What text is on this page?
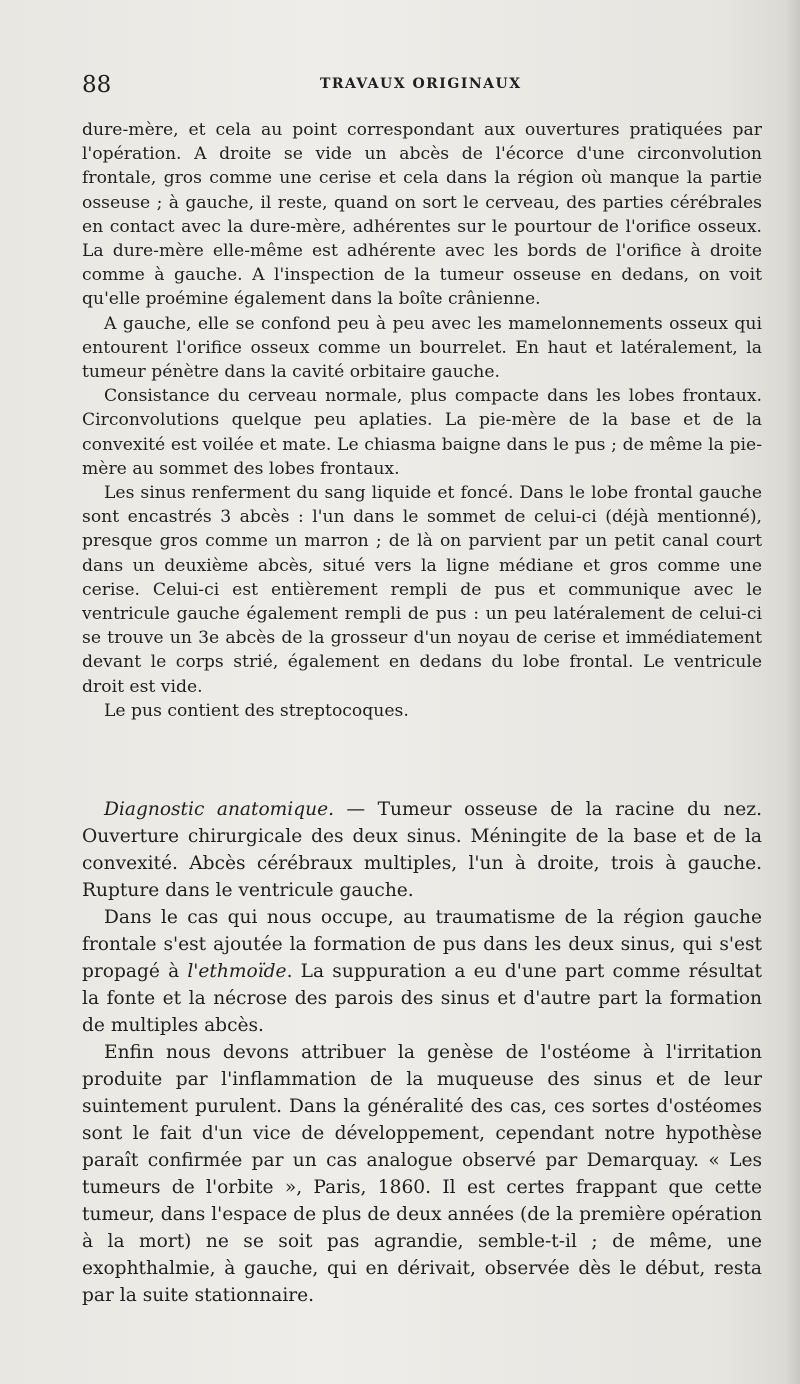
88	TRAVAUX ORIGINAUX

dure-mère, et cela au point correspondant aux ouvertures pratiquées par l'opération. A droite se vide un abcès de l'écorce d'une circonvolution frontale, gros comme une cerise et cela dans la région où manque la partie osseuse ; à gauche, il reste, quand on sort le cerveau, des parties cérébrales en contact avec la dure-mère, adhérentes sur le pourtour de l'orifice osseux. La dure-mère elle-même est adhérente avec les bords de l'orifice à droite comme à gauche. A l'inspection de la tumeur osseuse en dedans, on voit qu'elle proémine également dans la boîte crânienne.

A gauche, elle se confond peu à peu avec les mamelonnements osseux qui entourent l'orifice osseux comme un bourrelet. En haut et latéralement, la tumeur pénètre dans la cavité orbitaire gauche.

Consistance du cerveau normale, plus compacte dans les lobes frontaux. Circonvolutions quelque peu aplaties. La pie-mère de la base et de la convexité est voilée et mate. Le chiasma baigne dans le pus ; de même la pie-mère au sommet des lobes frontaux.

Les sinus renferment du sang liquide et foncé. Dans le lobe frontal gauche sont encastrés 3 abcès : l'un dans le sommet de celui-ci (déjà mentionné), presque gros comme un marron ; de là on parvient par un petit canal court dans un deuxième abcès, situé vers la ligne médiane et gros comme une cerise. Celui-ci est entièrement rempli de pus et communique avec le ventricule gauche également rempli de pus : un peu latéralement de celui-ci se trouve un 3e abcès de la grosseur d'un noyau de cerise et immédiatement devant le corps strié, également en dedans du lobe frontal. Le ventricule droit est vide.

Le pus contient des streptocoques.

Diagnostic anatomique. — Tumeur osseuse de la racine du nez. Ouverture chirurgicale des deux sinus. Méningite de la base et de la convexité. Abcès cérébraux multiples, l'un à droite, trois à gauche. Rupture dans le ventricule gauche.

Dans le cas qui nous occupe, au traumatisme de la région gauche frontale s'est ajoutée la formation de pus dans les deux sinus, qui s'est propagé à l'ethmoïde. La suppuration a eu d'une part comme résultat la fonte et la nécrose des parois des sinus et d'autre part la formation de multiples abcès.

Enfin nous devons attribuer la genèse de l'ostéome à l'irritation produite par l'inflammation de la muqueuse des sinus et de leur suintement purulent. Dans la généralité des cas, ces sortes d'ostéomes sont le fait d'un vice de développement, cependant notre hypothèse paraît confirmée par un cas analogue observé par Demarquay. « Les tumeurs de l'orbite », Paris, 1860. Il est certes frappant que cette tumeur, dans l'espace de plus de deux années (de la première opération à la mort) ne se soit pas agrandie, semble-t-il ; de même, une exophthalmie, à gauche, qui en dérivait, observée dès le début, resta par la suite stationnaire.
